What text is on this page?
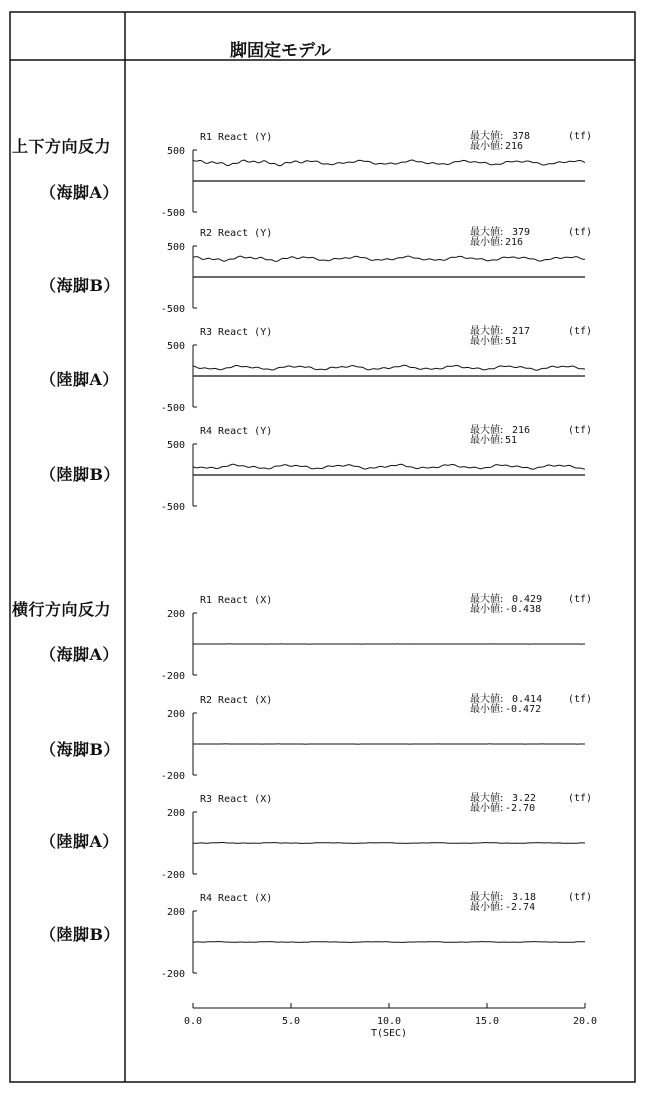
脚固定モデル
上下方向反力
（海脚A）
（海脚B）
（陸脚A）
（陸脚B）
横行方向反力
（海脚A）
（海脚B）
（陸脚A）
（陸脚B）
500
-500
R1 React (Y)	最大値:
最小値:
378
216
(tf)
500
-500
R2 React (Y)	最大値:
最小値:
379
216
(tf)
500
-500
R3 React (Y)	最大値:
最小値:
217
51
(tf)
500
-500
R4 React (Y)	最大値:
最小値:
216
51
(tf)
200
-200
R1 React (X)	最大値:
最小値:
0.429
-0.438
(tf)
200
-200
R2 React (X)	最大値:
最小値:
0.414
-0.472
(tf)
200
-200
R3 React (X)	最大値:
最小値:
3.22
-2.70
(tf)
200
-200
R4 React (X)	最大値:
最小値:
3.18
-2.74
(tf)
0.0	5.0	10.0	15.0	20.0
T(SEC)
